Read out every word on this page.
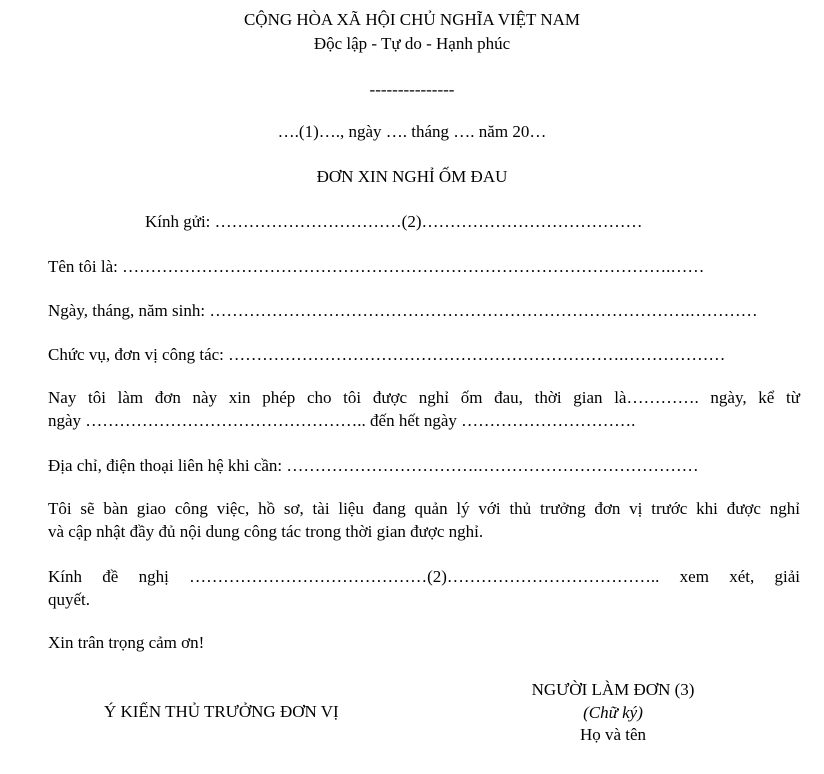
CỘNG HÒA XÃ HỘI CHỦ NGHĨA VIỆT NAM
Độc lập - Tự do - Hạnh phúc
---------------
….(1)…., ngày …. tháng …. năm 20…
ĐƠN XIN NGHỈ ỐM ĐAU
Kính gửi: ……………………………(2)…………………………………
Tên tôi là: …………………………………………………………………………………….……
Ngày, tháng, năm sinh: ………………………………………………………………………….…………
Chức vụ, đơn vị công tác: …………………………………………………………….………………
Nay tôi làm đơn này xin phép cho tôi được nghỉ ốm đau, thời gian là…………. ngày, kể từ
ngày ………………………………………….. đến hết ngày ………………………….
Địa chỉ, điện thoại liên hệ khi cần: …………………………….…………………………………
Tôi sẽ bàn giao công việc, hồ sơ, tài liệu đang quản lý với thủ trưởng đơn vị trước khi được nghỉ
và cập nhật đầy đủ nội dung công tác trong thời gian được nghỉ.
Kính đề nghị ……………………………………(2)……………………………….. xem xét, giải
quyết.
Xin trân trọng cảm ơn!
Ý KIẾN THỦ TRƯỞNG ĐƠN VỊ
NGƯỜI LÀM ĐƠN (3)
(Chữ ký)
Họ và tên
